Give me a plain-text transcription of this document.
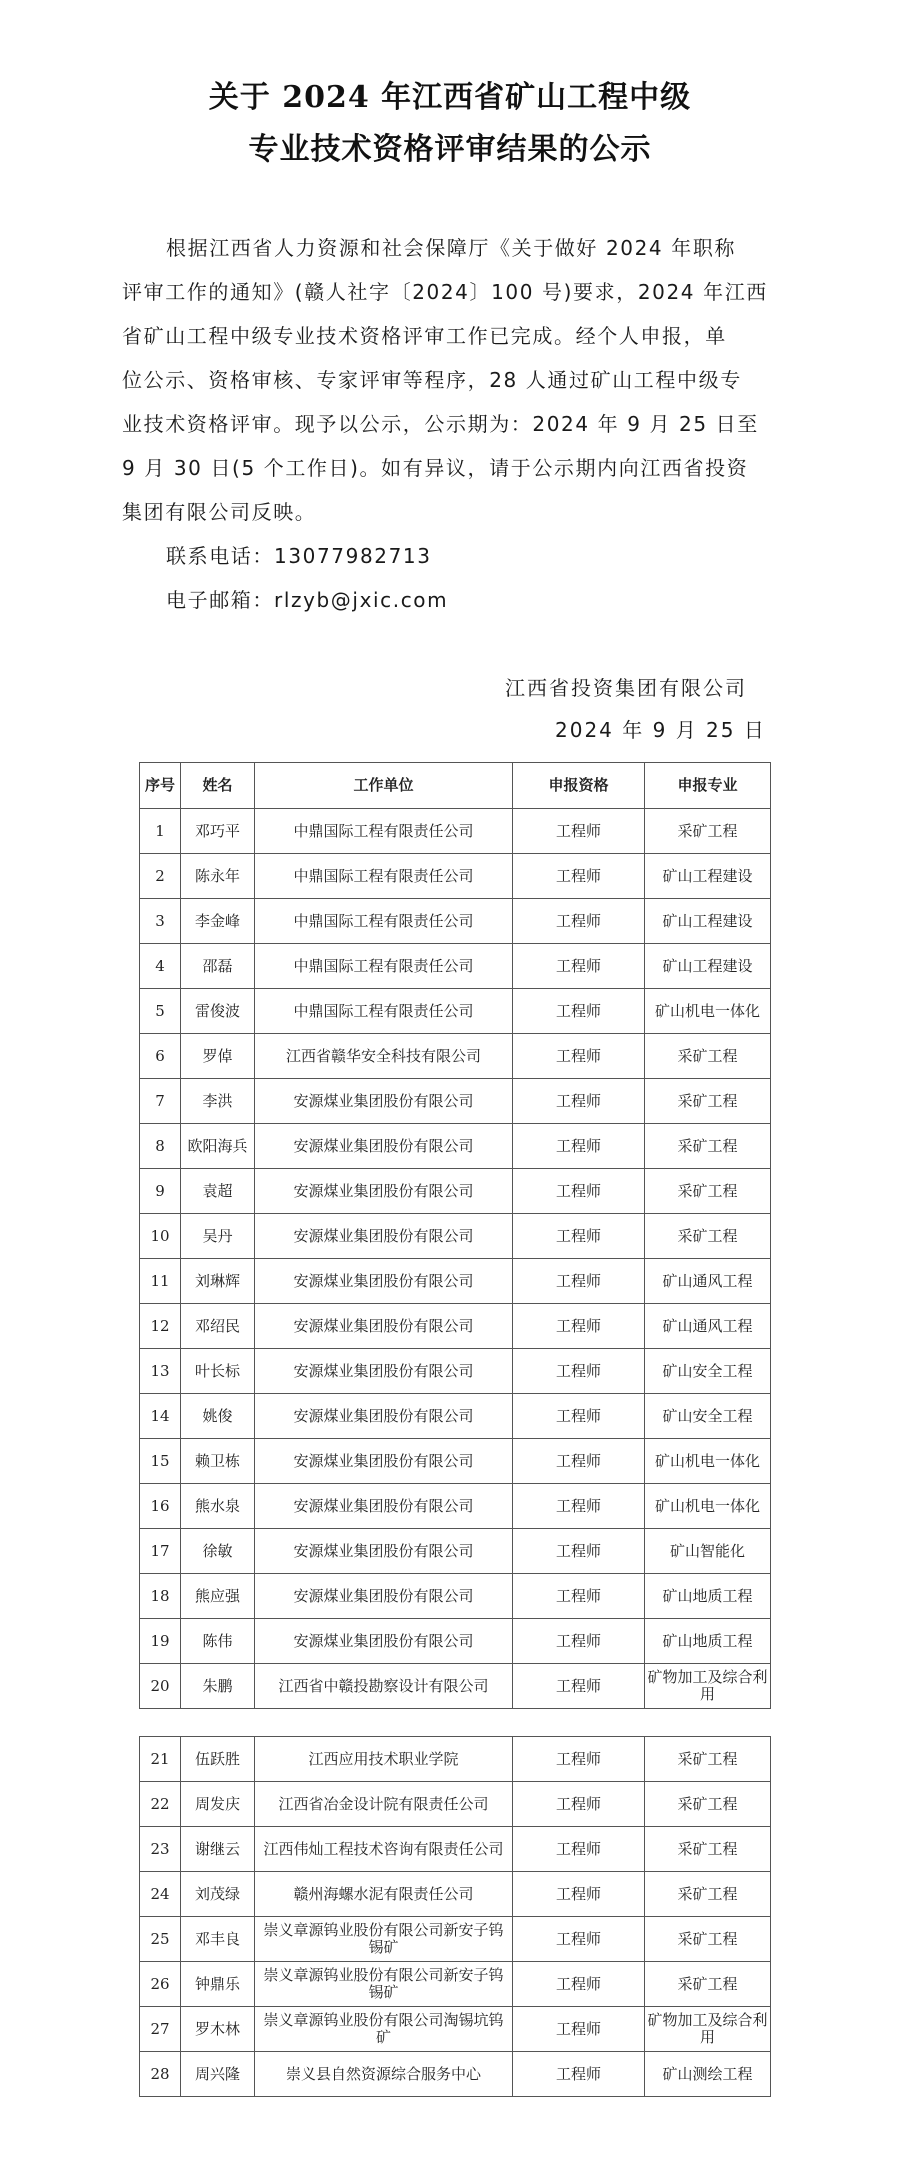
关于 2024 年江西省矿山工程中级
专业技术资格评审结果的公示
根据江西省人力资源和社会保障厅《关于做好 2024 年职称
评审工作的通知》(赣人社字〔2024〕100 号)要求，2024 年江西
省矿山工程中级专业技术资格评审工作已完成。经个人申报，单
位公示、资格审核、专家评审等程序，28 人通过矿山工程中级专
业技术资格评审。现予以公示，公示期为：2024 年 9 月 25 日至
9 月 30 日(5 个工作日)。如有异议，请于公示期内向江西省投资
集团有限公司反映。
联系电话：13077982713
电子邮箱：rlzyb@jxic.com
江西省投资集团有限公司
2024 年 9 月 25 日
序号	姓名	工作单位	申报资格	申报专业
1	邓巧平	中鼎国际工程有限责任公司	工程师	采矿工程
2	陈永年	中鼎国际工程有限责任公司	工程师	矿山工程建设
3	李金峰	中鼎国际工程有限责任公司	工程师	矿山工程建设
4	邵磊	中鼎国际工程有限责任公司	工程师	矿山工程建设
5	雷俊波	中鼎国际工程有限责任公司	工程师	矿山机电一体化
6	罗倬	江西省赣华安全科技有限公司	工程师	采矿工程
7	李洪	安源煤业集团股份有限公司	工程师	采矿工程
8	欧阳海兵	安源煤业集团股份有限公司	工程师	采矿工程
9	袁超	安源煤业集团股份有限公司	工程师	采矿工程
10	吴丹	安源煤业集团股份有限公司	工程师	采矿工程
11	刘琳辉	安源煤业集团股份有限公司	工程师	矿山通风工程
12	邓绍民	安源煤业集团股份有限公司	工程师	矿山通风工程
13	叶长标	安源煤业集团股份有限公司	工程师	矿山安全工程
14	姚俊	安源煤业集团股份有限公司	工程师	矿山安全工程
15	赖卫栋	安源煤业集团股份有限公司	工程师	矿山机电一体化
16	熊水泉	安源煤业集团股份有限公司	工程师	矿山机电一体化
17	徐敏	安源煤业集团股份有限公司	工程师	矿山智能化
18	熊应强	安源煤业集团股份有限公司	工程师	矿山地质工程
19	陈伟	安源煤业集团股份有限公司	工程师	矿山地质工程
20	朱鹏	江西省中赣投勘察设计有限公司	工程师	矿物加工及综合利用
21	伍跃胜	江西应用技术职业学院	工程师	采矿工程
22	周发庆	江西省冶金设计院有限责任公司	工程师	采矿工程
23	谢继云	江西伟灿工程技术咨询有限责任公司	工程师	采矿工程
24	刘茂绿	赣州海螺水泥有限责任公司	工程师	采矿工程
25	邓丰良	崇义章源钨业股份有限公司新安子钨锡矿	工程师	采矿工程
26	钟鼎乐	崇义章源钨业股份有限公司新安子钨锡矿	工程师	采矿工程
27	罗木林	崇义章源钨业股份有限公司淘锡坑钨矿	工程师	矿物加工及综合利用
28	周兴隆	崇义县自然资源综合服务中心	工程师	矿山测绘工程
